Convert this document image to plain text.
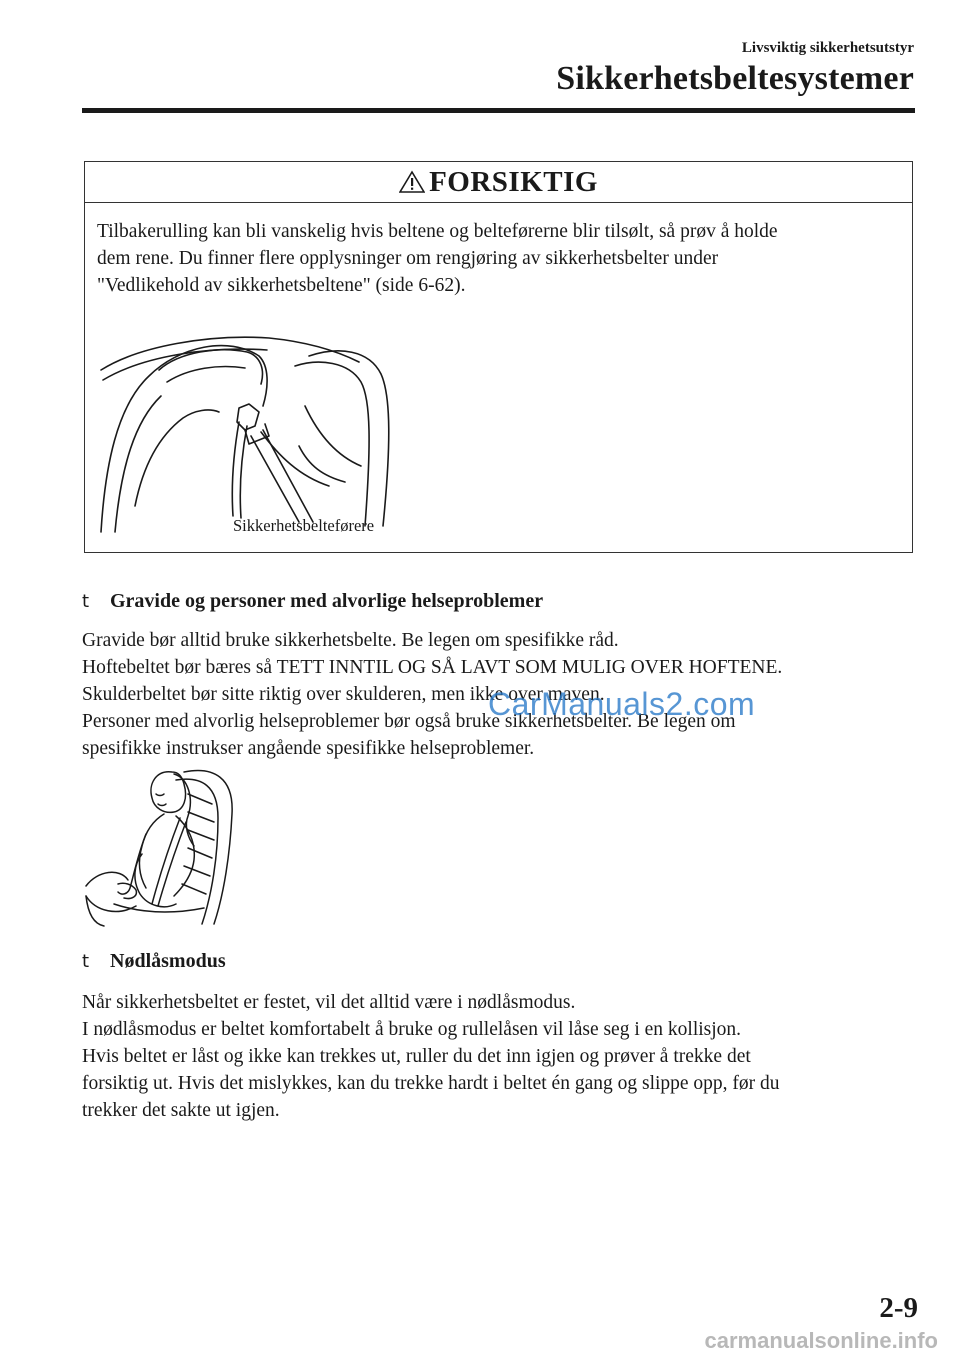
Livsviktig sikkerhetsutstyr
Sikkerhetsbeltesystemer
FORSIKTIG
Tilbakerulling kan bli vanskelig hvis beltene og belteførerne blir tilsølt, så prøv å holde
dem rene. Du finner flere opplysninger om rengjøring av sikkerhetsbelter under
"Vedlikehold av sikkerhetsbeltene" (side 6-62).
Sikkerhetsbelteførere
t	Gravide og personer med alvorlige helseproblemer
Gravide bør alltid bruke sikkerhetsbelte. Be legen om spesifikke råd.
Hoftebeltet bør bæres så TETT INNTIL OG SÅ LAVT SOM MULIG OVER HOFTENE.
Skulderbeltet bør sitte riktig over skulderen, men ikke over maven.
Personer med alvorlig helseproblemer bør også bruke sikkerhetsbelter. Be legen om
spesifikke instrukser angående spesifikke helseproblemer.
CarManuals2.com
t	Nødlåsmodus
Når sikkerhetsbeltet er festet, vil det alltid være i nødlåsmodus.
I nødlåsmodus er beltet komfortabelt å bruke og rullelåsen vil låse seg i en kollisjon.
Hvis beltet er låst og ikke kan trekkes ut, ruller du det inn igjen og prøver å trekke det
forsiktig ut. Hvis det mislykkes, kan du trekke hardt i beltet én gang og slippe opp, før du
trekker det sakte ut igjen.
2-9
carmanualsonline.info
